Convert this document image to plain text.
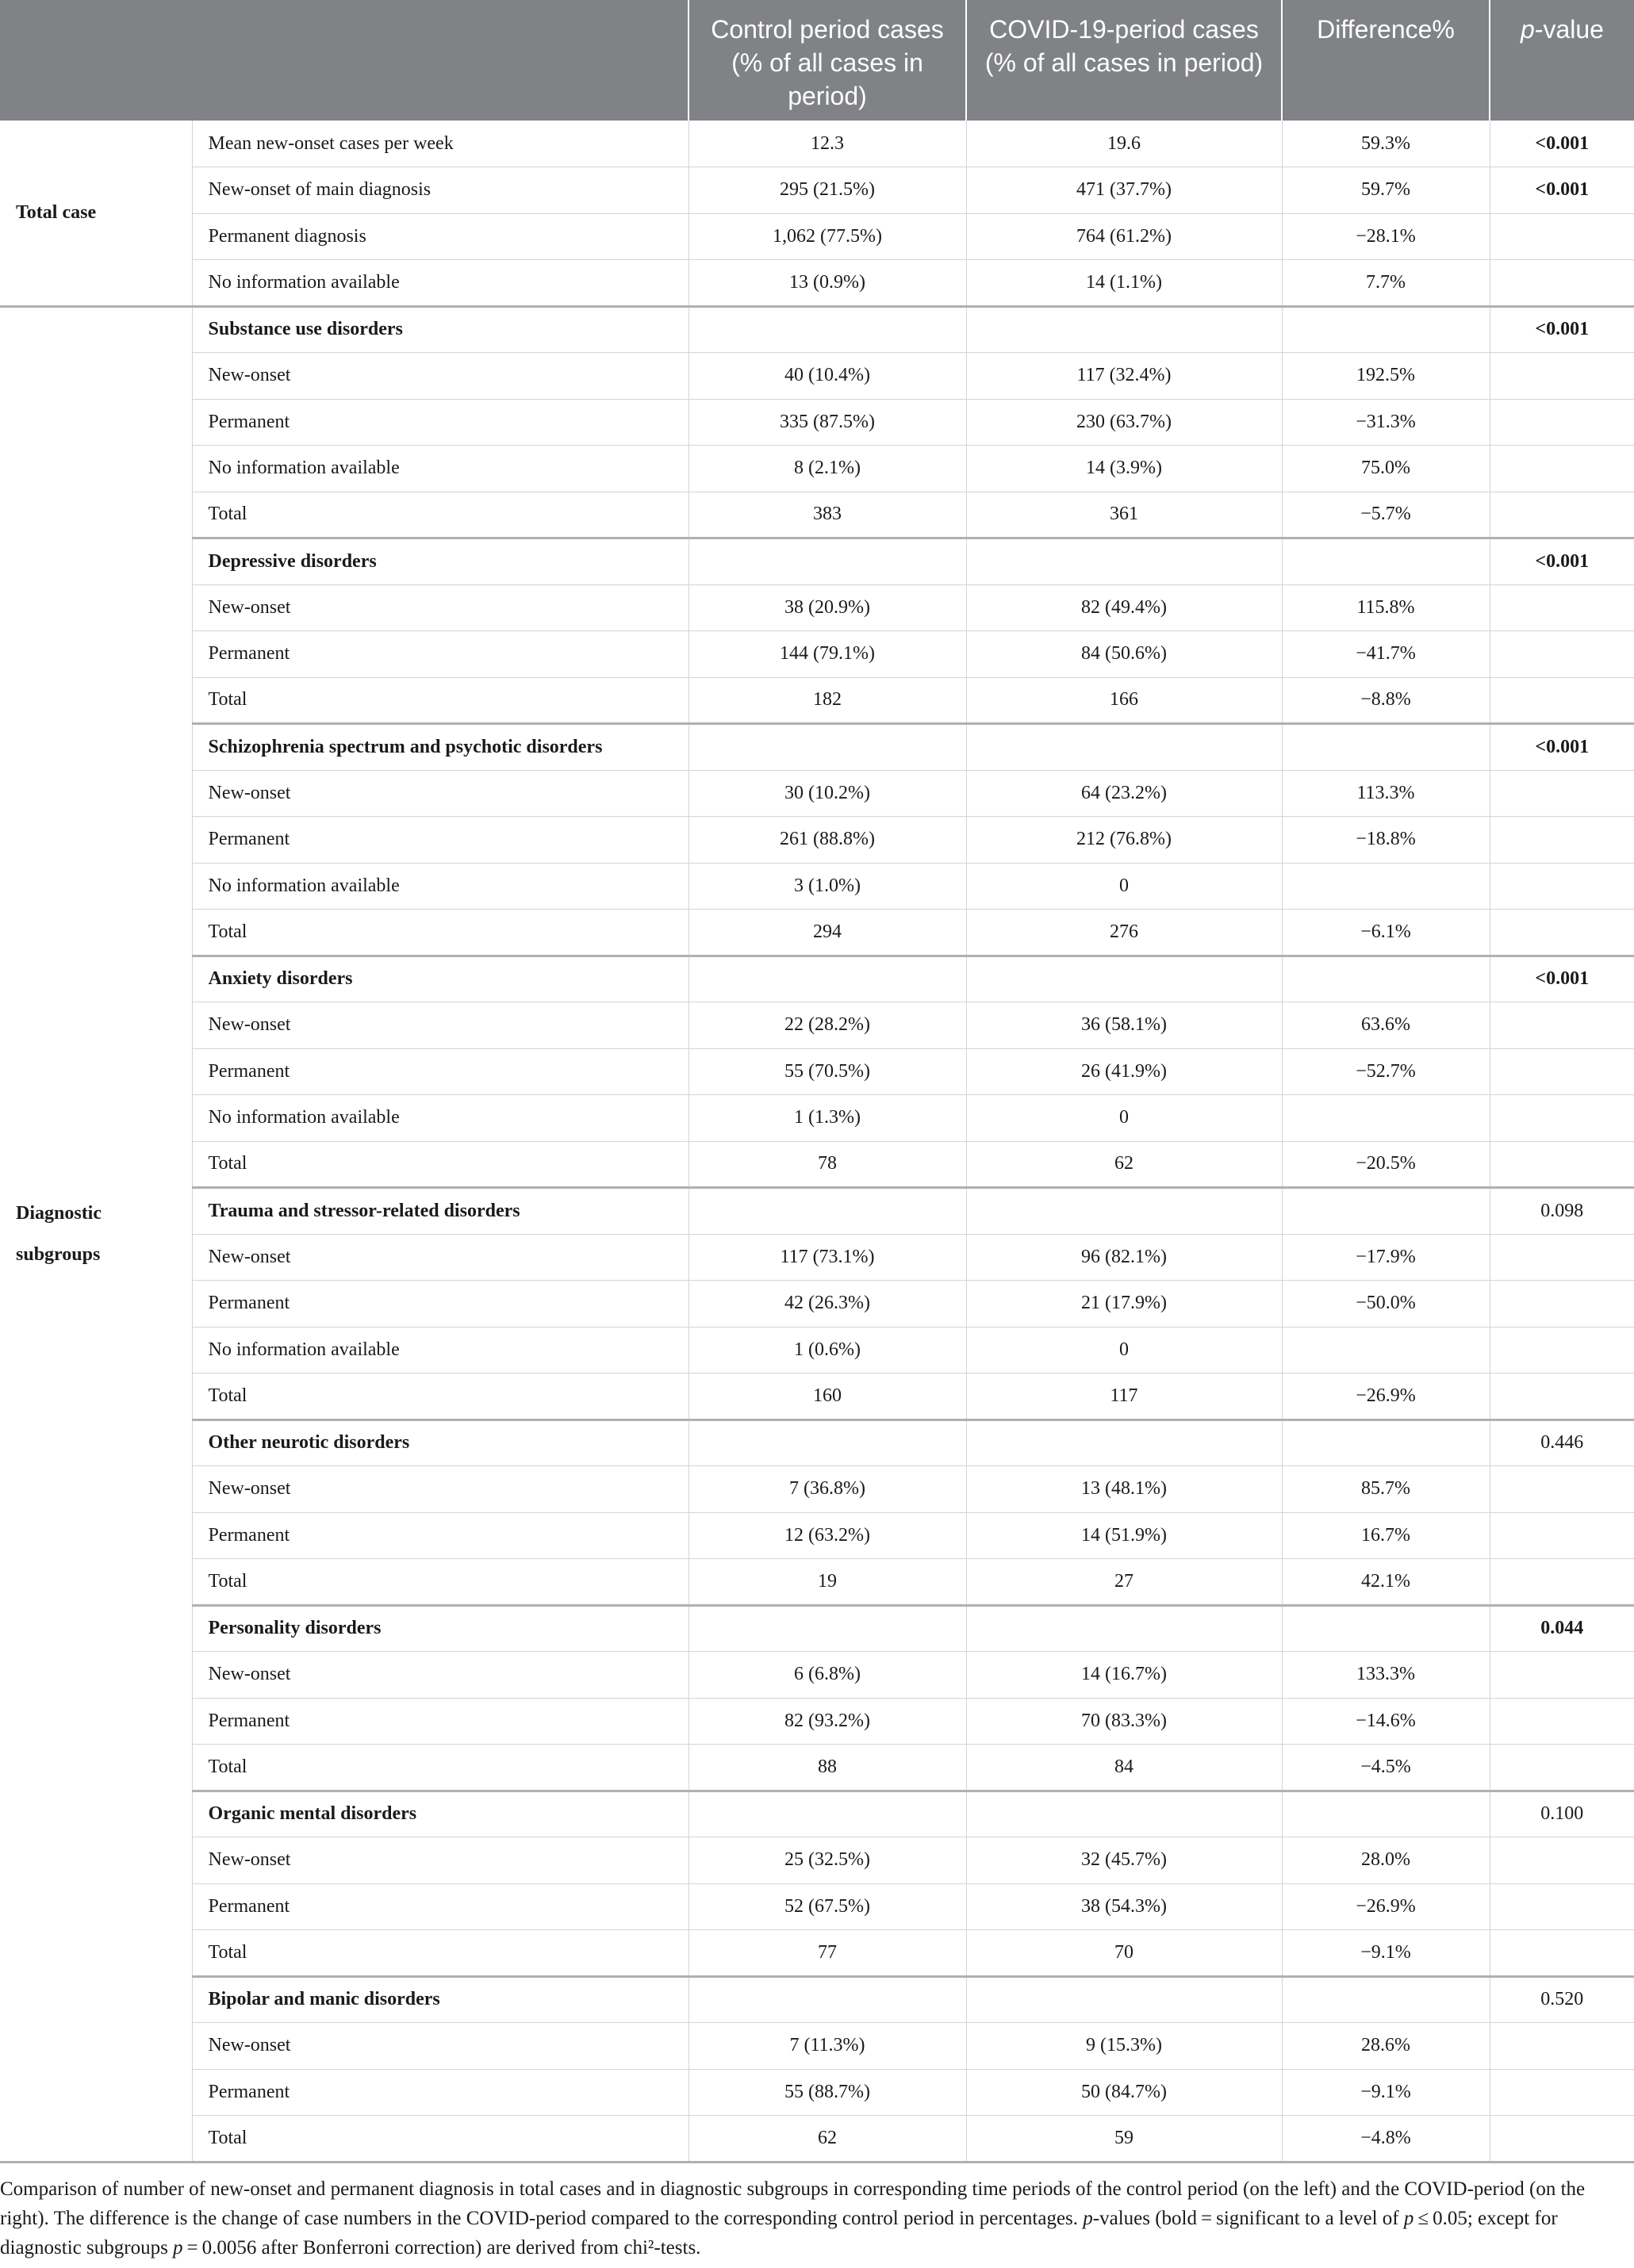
		Control period cases (% of all cases in period)	COVID-19-period cases (% of all cases in period)	Difference%	p-value
Total case	Mean new-onset cases per week	12.3	19.6	59.3%	<0.001
	New-onset of main diagnosis	295 (21.5%)	471 (37.7%)	59.7%	<0.001
	Permanent diagnosis	1,062 (77.5%)	764 (61.2%)	−28.1%	
	No information available	13 (0.9%)	14 (1.1%)	7.7%	
Diagnostic subgroups	Substance use disorders				<0.001
	New-onset	40 (10.4%)	117 (32.4%)	192.5%	
	Permanent	335 (87.5%)	230 (63.7%)	−31.3%	
	No information available	8 (2.1%)	14 (3.9%)	75.0%	
	Total	383	361	−5.7%	
	Depressive disorders				<0.001
	New-onset	38 (20.9%)	82 (49.4%)	115.8%	
	Permanent	144 (79.1%)	84 (50.6%)	−41.7%	
	Total	182	166	−8.8%	
	Schizophrenia spectrum and psychotic disorders				<0.001
	New-onset	30 (10.2%)	64 (23.2%)	113.3%	
	Permanent	261 (88.8%)	212 (76.8%)	−18.8%	
	No information available	3 (1.0%)	0		
	Total	294	276	−6.1%	
	Anxiety disorders				<0.001
	New-onset	22 (28.2%)	36 (58.1%)	63.6%	
	Permanent	55 (70.5%)	26 (41.9%)	−52.7%	
	No information available	1 (1.3%)	0		
	Total	78	62	−20.5%	
	Trauma and stressor-related disorders				0.098
	New-onset	117 (73.1%)	96 (82.1%)	−17.9%	
	Permanent	42 (26.3%)	21 (17.9%)	−50.0%	
	No information available	1 (0.6%)	0		
	Total	160	117	−26.9%	
	Other neurotic disorders				0.446
	New-onset	7 (36.8%)	13 (48.1%)	85.7%	
	Permanent	12 (63.2%)	14 (51.9%)	16.7%	
	Total	19	27	42.1%	
	Personality disorders				0.044
	New-onset	6 (6.8%)	14 (16.7%)	133.3%	
	Permanent	82 (93.2%)	70 (83.3%)	−14.6%	
	Total	88	84	−4.5%	
	Organic mental disorders				0.100
	New-onset	25 (32.5%)	32 (45.7%)	28.0%	
	Permanent	52 (67.5%)	38 (54.3%)	−26.9%	
	Total	77	70	−9.1%	
	Bipolar and manic disorders				0.520
	New-onset	7 (11.3%)	9 (15.3%)	28.6%	
	Permanent	55 (88.7%)	50 (84.7%)	−9.1%	
	Total	62	59	−4.8%	
Comparison of number of new-onset and permanent diagnosis in total cases and in diagnostic subgroups in corresponding time periods of the control period (on the left) and the COVID-period (on the right). The difference is the change of case numbers in the COVID-period compared to the corresponding control period in percentages. p-values (bold = significant to a level of p ≤ 0.05; except for diagnostic subgroups p = 0.0056 after Bonferroni correction) are derived from chi²-tests.
